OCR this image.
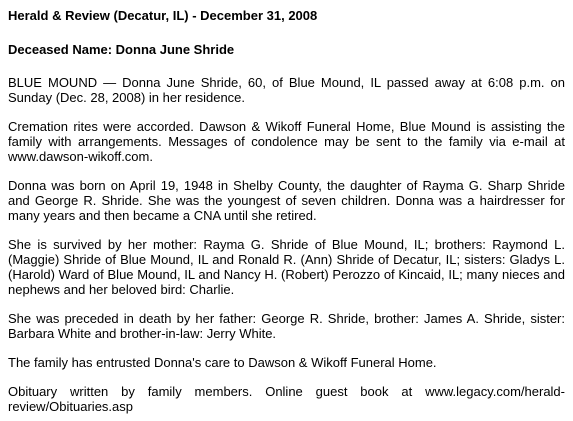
Herald & Review (Decatur, IL) - December 31, 2008
Deceased Name: Donna June Shride

BLUE MOUND — Donna June Shride, 60, of Blue Mound, IL passed away at 6:08 p.m. on Sunday (Dec. 28, 2008) in her residence.

Cremation rites were accorded. Dawson & Wikoff Funeral Home, Blue Mound is assisting the family with arrangements. Messages of condolence may be sent to the family via e-mail at www.dawson-wikoff.com.

Donna was born on April 19, 1948 in Shelby County, the daughter of Rayma G. Sharp Shride and George R. Shride. She was the youngest of seven children. Donna was a hairdresser for many years and then became a CNA until she retired.

She is survived by her mother: Rayma G. Shride of Blue Mound, IL; brothers: Raymond L. (Maggie) Shride of Blue Mound, IL and Ronald R. (Ann) Shride of Decatur, IL; sisters: Gladys L. (Harold) Ward of Blue Mound, IL and Nancy H. (Robert) Perozzo of Kincaid, IL; many nieces and nephews and her beloved bird: Charlie.

She was preceded in death by her father: George R. Shride, brother: James A. Shride, sister: Barbara White and brother-in-law: Jerry White.

The family has entrusted Donna's care to Dawson & Wikoff Funeral Home.

Obituary written by family members. Online guest book at www.legacy.com/herald-review/Obituaries.asp
